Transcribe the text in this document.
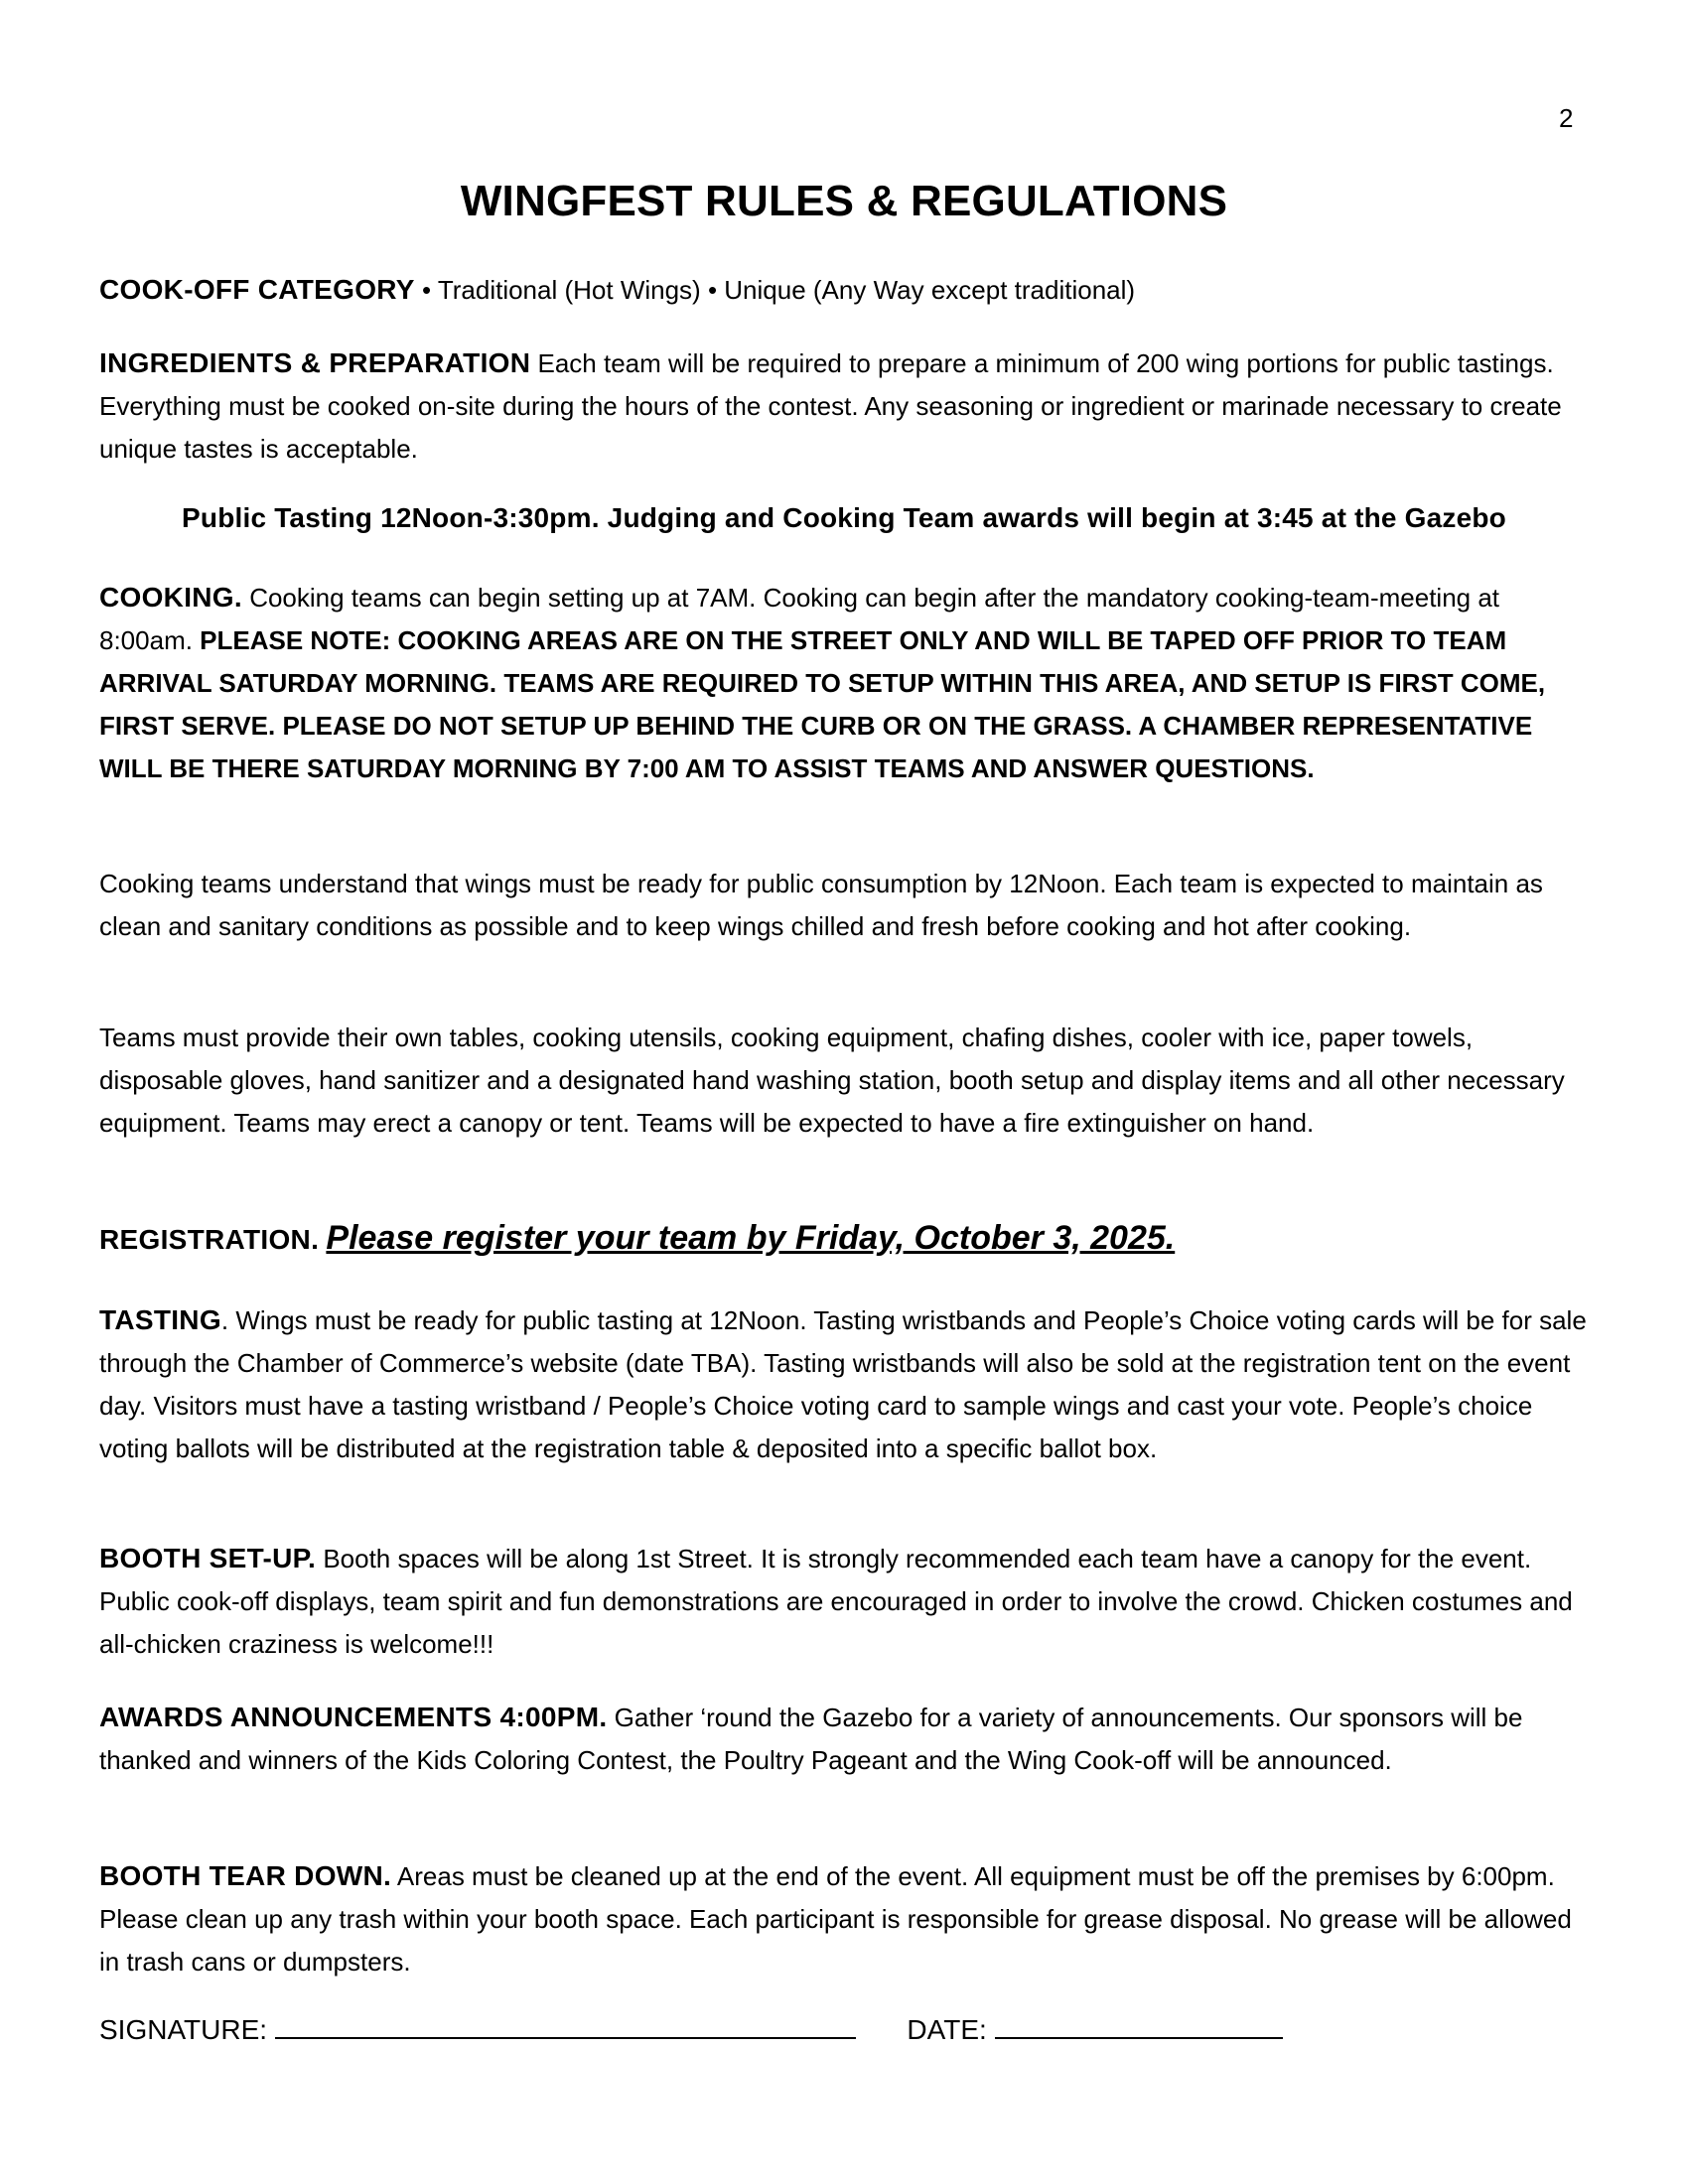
2
WINGFEST RULES & REGULATIONS
COOK-OFF CATEGORY • Traditional (Hot Wings) • Unique (Any Way except traditional)
INGREDIENTS & PREPARATION Each team will be required to prepare a minimum of 200 wing portions for public tastings. Everything must be cooked on-site during the hours of the contest. Any seasoning or ingredient or marinade necessary to create unique tastes is acceptable.
Public Tasting 12Noon-3:30pm. Judging and Cooking Team awards will begin at 3:45 at the Gazebo
COOKING. Cooking teams can begin setting up at 7AM. Cooking can begin after the mandatory cooking-team-meeting at 8:00am. PLEASE NOTE: COOKING AREAS ARE ON THE STREET ONLY AND WILL BE TAPED OFF PRIOR TO TEAM ARRIVAL SATURDAY MORNING. TEAMS ARE REQUIRED TO SETUP WITHIN THIS AREA, AND SETUP IS FIRST COME, FIRST SERVE. PLEASE DO NOT SETUP UP BEHIND THE CURB OR ON THE GRASS. A CHAMBER REPRESENTATIVE WILL BE THERE SATURDAY MORNING BY 7:00 AM TO ASSIST TEAMS AND ANSWER QUESTIONS.
Cooking teams understand that wings must be ready for public consumption by 12Noon. Each team is expected to maintain as clean and sanitary conditions as possible and to keep wings chilled and fresh before cooking and hot after cooking.
Teams must provide their own tables, cooking utensils, cooking equipment, chafing dishes, cooler with ice, paper towels, disposable gloves, hand sanitizer and a designated hand washing station, booth setup and display items and all other necessary equipment. Teams may erect a canopy or tent. Teams will be expected to have a fire extinguisher on hand.
REGISTRATION. Please register your team by Friday, October 3, 2025.
TASTING. Wings must be ready for public tasting at 12Noon. Tasting wristbands and People’s Choice voting cards will be for sale through the Chamber of Commerce’s website (date TBA). Tasting wristbands will also be sold at the registration tent on the event day. Visitors must have a tasting wristband / People’s Choice voting card to sample wings and cast your vote. People’s choice voting ballots will be distributed at the registration table & deposited into a specific ballot box.
BOOTH SET-UP. Booth spaces will be along 1st Street. It is strongly recommended each team have a canopy for the event. Public cook-off displays, team spirit and fun demonstrations are encouraged in order to involve the crowd. Chicken costumes and all-chicken craziness is welcome!!!
AWARDS ANNOUNCEMENTS 4:00PM. Gather ‘round the Gazebo for a variety of announcements. Our sponsors will be thanked and winners of the Kids Coloring Contest, the Poultry Pageant and the Wing Cook-off will be announced.
BOOTH TEAR DOWN. Areas must be cleaned up at the end of the event. All equipment must be off the premises by 6:00pm. Please clean up any trash within your booth space. Each participant is responsible for grease disposal. No grease will be allowed in trash cans or dumpsters.
SIGNATURE:	DATE:
